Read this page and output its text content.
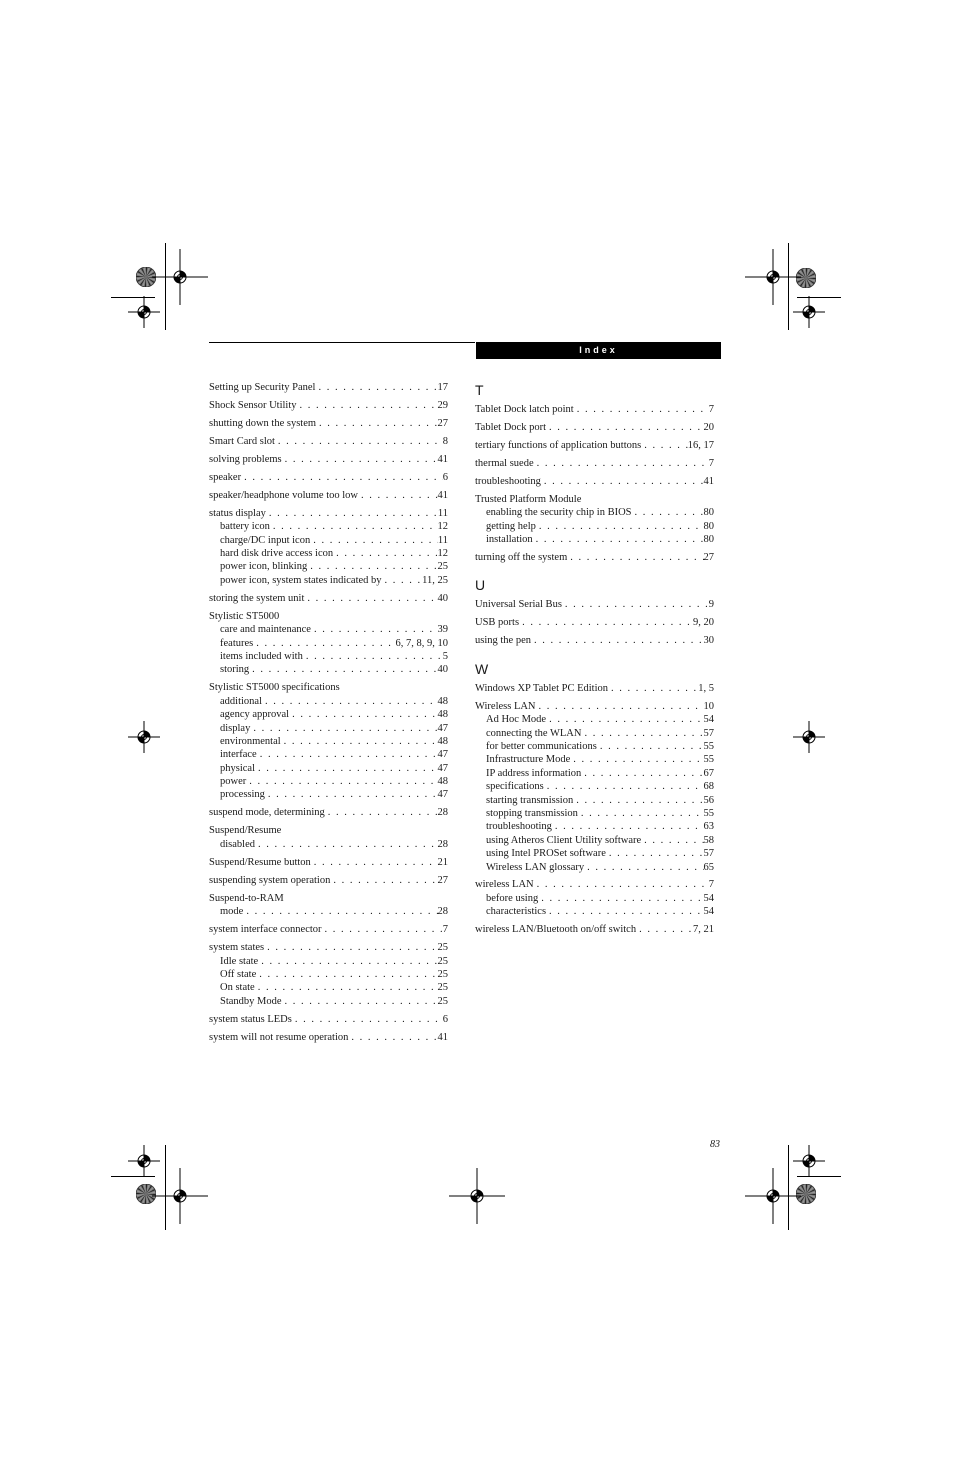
Index
Setting up Security Panel . . .	17
Shock Sensor Utility . . .	29
shutting down the system . . .	27
Smart Card slot . . .	8
solving problems . . .	41
speaker . . .	6
speaker/headphone volume too low . . .	41
status display . . .	11
battery icon . . .	12
charge/DC input icon . . .	11
hard disk drive access icon . . .	12
power icon, blinking . . .	25
power icon, system states indicated by . . .	11, 25
storing the system unit . . .	40
Stylistic ST5000
care and maintenance . . .	39
features . . .	6, 7, 8, 9, 10
items included with . . .	5
storing . . .	40
Stylistic ST5000 specifications
additional . . .	48
agency approval . . .	48
display . . .	47
environmental . . .	48
interface . . .	47
physical . . .	47
power . . .	48
processing . . .	47
suspend mode, determining . . .	28
Suspend/Resume
disabled . . .	28
Suspend/Resume button . . .	21
suspending system operation . . .	27
Suspend-to-RAM
mode . . .	28
system interface connector . . .	7
system states . . .	25
Idle state . . .	25
Off state . . .	25
On state . . .	25
Standby Mode . . .	25
system status LEDs . . .	6
system will not resume operation . . .	41
T
Tablet Dock latch point . . .	7
Tablet Dock port . . .	20
tertiary functions of application buttons . . .	16, 17
thermal suede . . .	7
troubleshooting . . .	41
Trusted Platform Module
enabling the security chip in BIOS . . .	80
getting help . . .	80
installation . . .	80
turning off the system . . .	27
U
Universal Serial Bus . . .	9
USB ports . . .	9, 20
using the pen . . .	30
W
Windows XP Tablet PC Edition . . .	1, 5
Wireless LAN . . .	10
Ad Hoc Mode . . .	54
connecting the WLAN . . .	57
for better communications . . .	55
Infrastructure Mode . . .	55
IP address information . . .	67
specifications . . .	68
starting transmission . . .	56
stopping transmission . . .	55
troubleshooting . . .	63
using Atheros Client Utility software . . .	58
using Intel PROSet software . . .	57
Wireless LAN glossary . . .	65
wireless LAN . . .	7
before using . . .	54
characteristics . . .	54
wireless LAN/Bluetooth on/off switch . . .	7, 21
83
